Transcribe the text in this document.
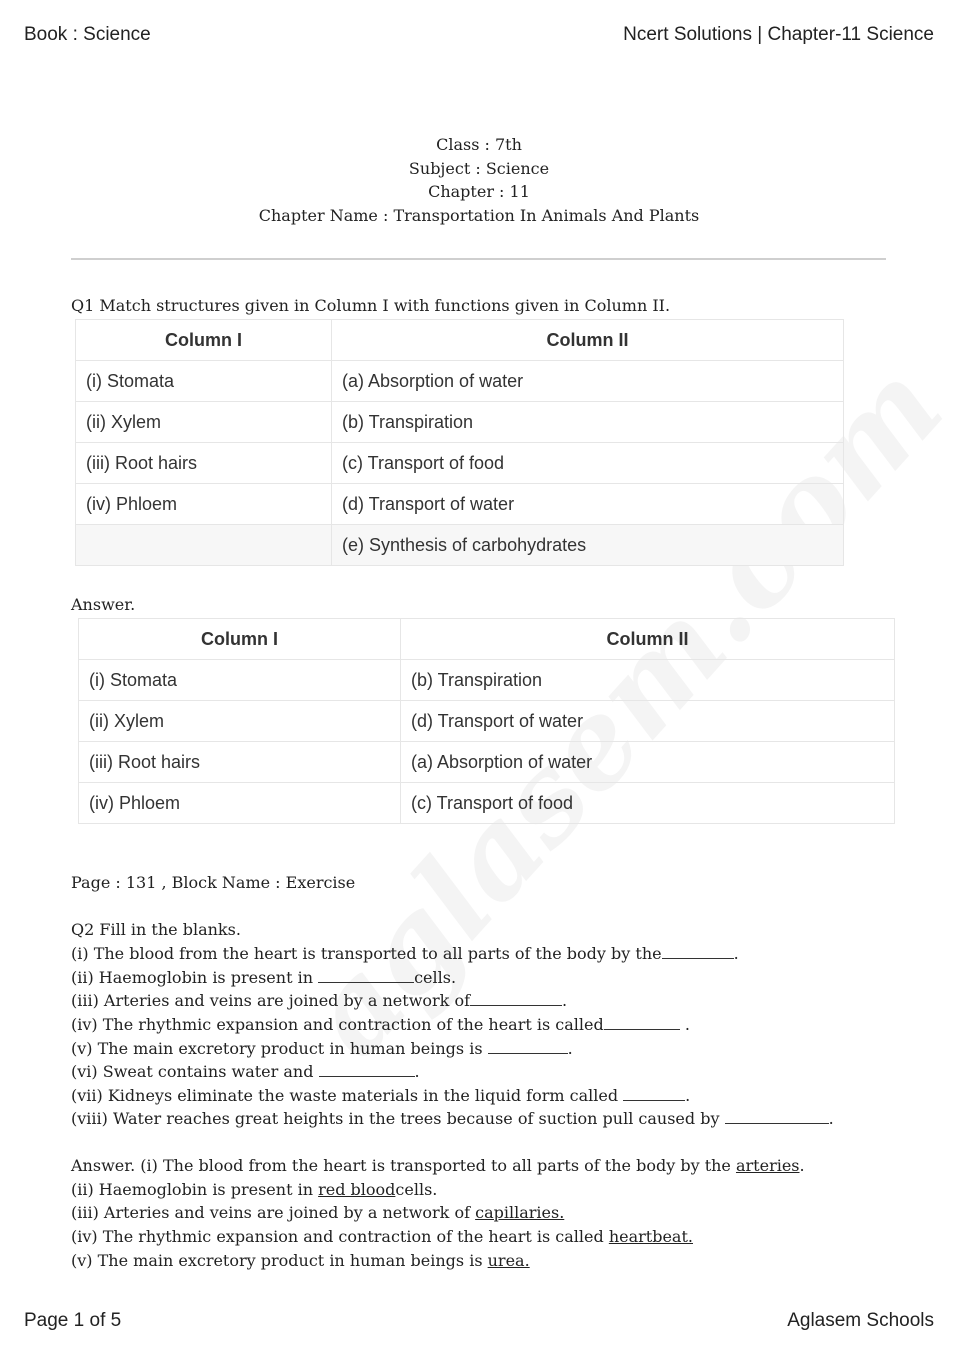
Book : Science	Ncert Solutions | Chapter-11 Science
Class : 7th
Subject : Science
Chapter : 11
Chapter Name : Transportation In Animals And Plants
Q1 Match structures given in Column I with functions given in Column II.
Column I	Column II
(i) Stomata	(a) Absorption of water
(ii) Xylem	(b) Transpiration
(iii) Root hairs	(c) Transport of food
(iv) Phloem	(d) Transport of water
	(e) Synthesis of carbohydrates
Answer.
Column I	Column II
(i) Stomata	(b) Transpiration
(ii) Xylem	(d) Transport of water
(iii) Root hairs	(a) Absorption of water
(iv) Phloem	(c) Transport of food
Page : 131 , Block Name : Exercise
Q2 Fill in the blanks.
(i) The blood from the heart is transported to all parts of the body by the	.
(ii) Haemoglobin is present in	cells.
(iii) Arteries and veins are joined by a network of	.
(iv) The rhythmic expansion and contraction of the heart is called	.
(v) The main excretory product in human beings is	.
(vi) Sweat contains water and	.
(vii) Kidneys eliminate the waste materials in the liquid form called	.
(viii) Water reaches great heights in the trees because of suction pull caused by	.
Answer. (i) The blood from the heart is transported to all parts of the body by the arteries.
(ii) Haemoglobin is present in red bloodcells.
(iii) Arteries and veins are joined by a network of capillaries.
(iv) The rhythmic expansion and contraction of the heart is called heartbeat.
(v) The main excretory product in human beings is urea.
Page 1 of 5	Aglasem Schools
